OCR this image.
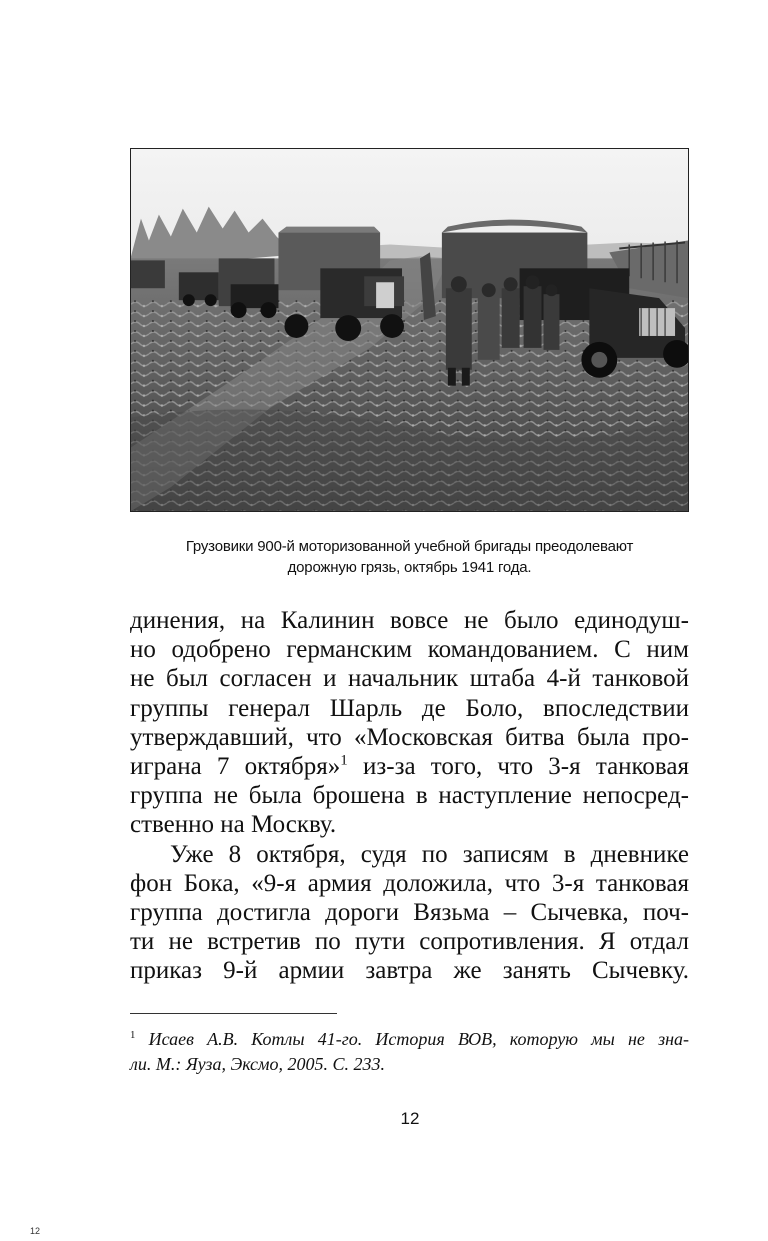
Грузовики 900-й моторизованной учебной бригады преодолевают
дорожную грязь, октябрь 1941 года.
динения, на Калинин вовсе не было единодуш-
но одобрено германским командованием. С ним
не был согласен и начальник штаба 4-й танковой
группы генерал Шарль де Боло, впоследствии
утверждавший, что «Московская битва была про-
играна 7 октября»$^1$ из-за того, что 3-я танковая
группа не была брошена в наступление непосред-
ственно на Москву.
Уже 8 октября, судя по записям в дневнике
фон Бока, «9-я армия доложила, что 3-я танковая
группа достигла дороги Вязьма – Сычевка, поч-
ти не встретив по пути сопротивления. Я отдал
приказ 9-й армии завтра же занять Сычевку.
$^1$ Исаев А.В. Котлы 41-го. История ВОВ, которую мы не зна-
ли. М.: Яуза, Эксмо, 2005. С. 233.
12
12
